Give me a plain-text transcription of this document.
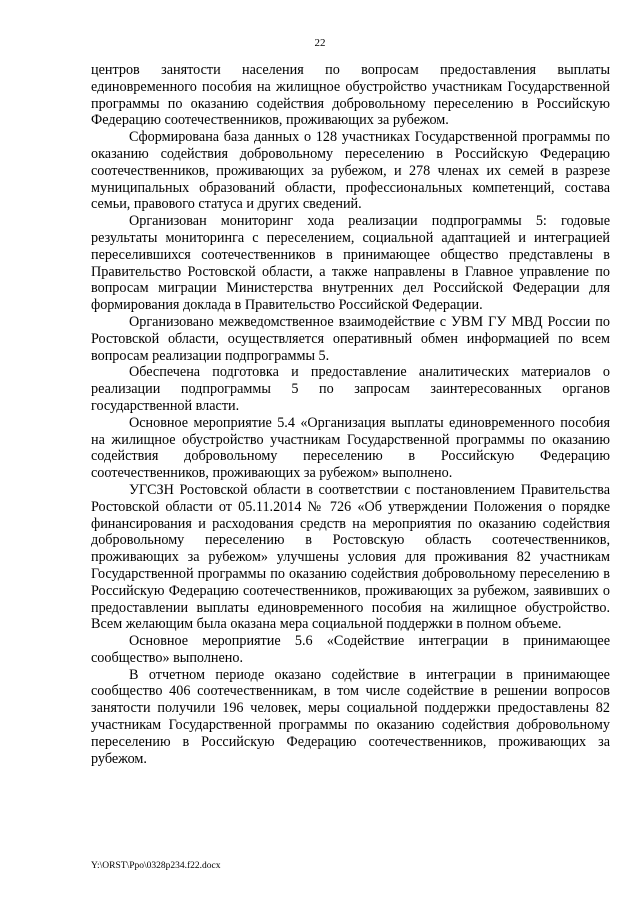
22

центров занятости населения по вопросам предоставления выплаты единовременного пособия на жилищное обустройство участникам Государственной программы по оказанию содействия добровольному переселению в Российскую Федерацию соотечественников, проживающих за рубежом.

Сформирована база данных о 128 участниках Государственной программы по оказанию содействия добровольному переселению в Российскую Федерацию соотечественников, проживающих за рубежом, и 278 членах их семей в разрезе муниципальных образований области, профессиональных компетенций, состава семьи, правового статуса и других сведений.

Организован мониторинг хода реализации подпрограммы 5: годовые результаты мониторинга с переселением, социальной адаптацией и интеграцией переселившихся соотечественников в принимающее общество представлены в Правительство Ростовской области, а также направлены в Главное управление по вопросам миграции Министерства внутренних дел Российской Федерации для формирования доклада в Правительство Российской Федерации.

Организовано межведомственное взаимодействие с УВМ ГУ МВД России по Ростовской области, осуществляется оперативный обмен информацией по всем вопросам реализации подпрограммы 5.

Обеспечена подготовка и предоставление аналитических материалов о реализации подпрограммы 5 по запросам заинтересованных органов государственной власти.

Основное мероприятие 5.4 «Организация выплаты единовременного пособия на жилищное обустройство участникам Государственной программы по оказанию содействия добровольному переселению в Российскую Федерацию соотечественников, проживающих за рубежом» выполнено.

УГСЗН Ростовской области в соответствии с постановлением Правительства Ростовской области от 05.11.2014 № 726 «Об утверждении Положения о порядке финансирования и расходования средств на мероприятия по оказанию содействия добровольному переселению в Ростовскую область соотечественников, проживающих за рубежом» улучшены условия для проживания 82 участникам Государственной программы по оказанию содействия добровольному переселению в Российскую Федерацию соотечественников, проживающих за рубежом, заявивших о предоставлении выплаты единовременного пособия на жилищное обустройство. Всем желающим была оказана мера социальной поддержки в полном объеме.

Основное мероприятие 5.6 «Содействие интеграции в принимающее сообщество» выполнено.

В отчетном периоде оказано содействие в интеграции в принимающее сообщество 406 соотечественникам, в том числе содействие в решении вопросов занятости получили 196 человек, меры социальной поддержки предоставлены 82 участникам Государственной программы по оказанию содействия добровольному переселению в Российскую Федерацию соотечественников, проживающих за рубежом.

Y:\ORST\Ppo\0328p234.f22.docx
